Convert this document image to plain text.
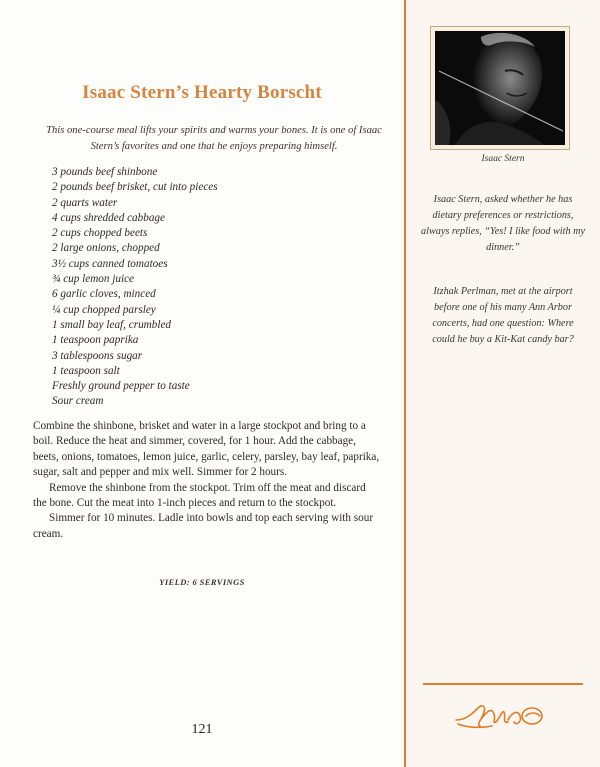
Isaac Stern’s Hearty Borscht
This one-course meal lifts your spirits and warms your bones. It is one of Isaac Stern’s favorites and one that he enjoys preparing himself.
3 pounds beef shinbone
2 pounds beef brisket, cut into pieces
2 quarts water
4 cups shredded cabbage
2 cups chopped beets
2 large onions, chopped
3½ cups canned tomatoes
¾ cup lemon juice
6 garlic cloves, minced
¼ cup chopped parsley
1 small bay leaf, crumbled
1 teaspoon paprika
3 tablespoons sugar
1 teaspoon salt
Freshly ground pepper to taste
Sour cream

Combine the shinbone, brisket and water in a large stockpot and bring to a boil. Reduce the heat and simmer, covered, for 1 hour. Add the cabbage, beets, onions, tomatoes, lemon juice, garlic, celery, parsley, bay leaf, paprika, sugar, salt and pepper and mix well. Simmer for 2 hours.

Remove the shinbone from the stockpot. Trim off the meat and discard the bone. Cut the meat into 1-inch pieces and return to the stockpot.

Simmer for 10 minutes. Ladle into bowls and top each serving with sour cream.

YIELD: 6 SERVINGS
121
Isaac Stern
Isaac Stern, asked whether he has dietary preferences or restrictions, always replies, “Yes! I like food with my dinner.”
Itzhak Perlman, met at the airport before one of his many Ann Arbor concerts, had one question: Where could he buy a Kit-Kat candy bar?
